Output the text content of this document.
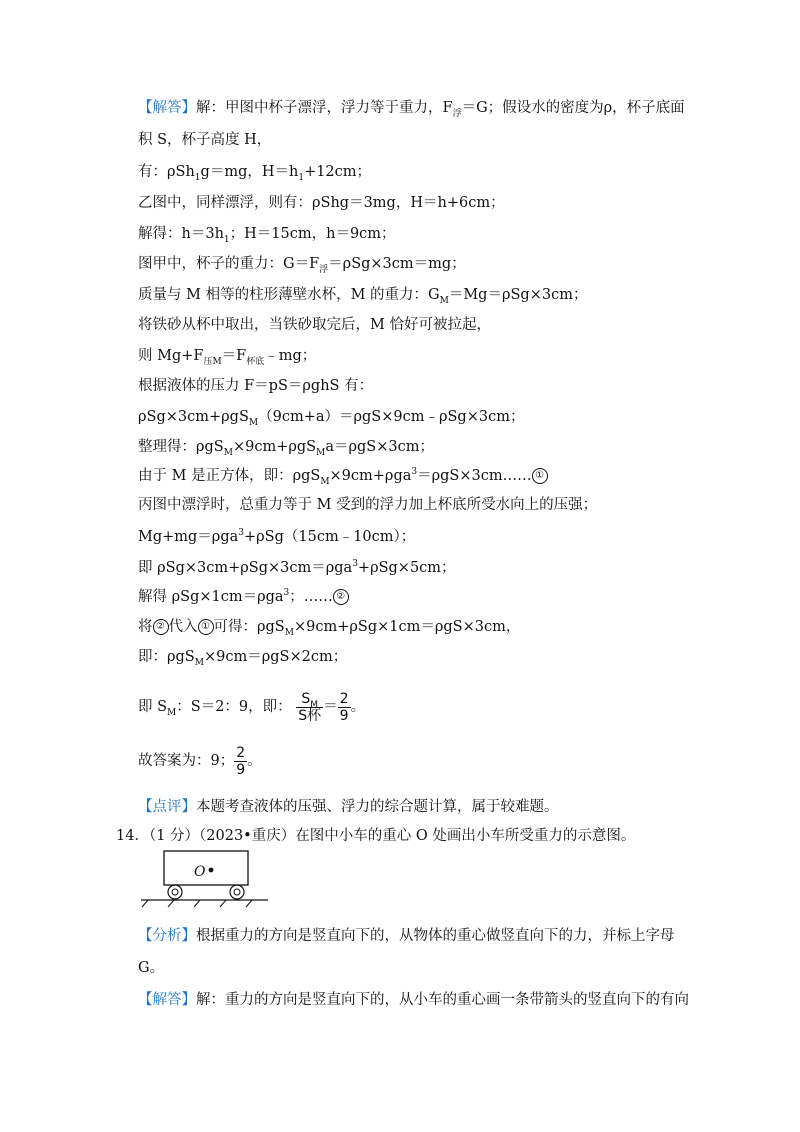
【解答】解：甲图中杯子漂浮，浮力等于重力，$F_浮=G$；假设水的密度为ρ，杯子底面
积 S，杯子高度 H，
有：ρSh$_1$g＝mg，$H=h_1+12cm$；
乙图中，同样漂浮，则有：ρShg＝3mg，H＝h+6cm；
解得：$h=3h_1$；H＝15cm，h＝9cm；
图甲中，杯子的重力：$G=F_浮=\rho Sg\times 3cm=mg$；
质量与 M 相等的柱形薄壁水杯，M 的重力：$G_M=Mg=\rho Sg\times 3cm$；
将铁砂从杯中取出，当铁砂取完后，M 恰好可被拉起，
则 $Mg+F_{压M}=F_{杯底}﹣mg$；
根据液体的压力 F＝pS＝ρghS 有：
ρSg×3cm+ρgS$_M$（9cm+a）＝ρgS×9cm﹣ρSg×3cm；
整理得：ρgS$_M$×9cm+ρgS$_M$a＝ρgS×3cm；
由于 M 是正方体，即：ρgS$_M$×9cm+ρga$^3$＝ρgS×3cm…… ①
丙图中漂浮时，总重力等于 M 受到的浮力加上杯底所受水向上的压强；
Mg+mg＝ρga$^3$+ρSg（15cm﹣10cm）；
即 ρSg×3cm+ρSg×3cm＝ρga$^3$+ρSg×5cm；
解得 ρSg×1cm＝ρga$^3$；…… ②
将 ② 代入 ① 可得：ρgS$_M$×9cm+ρSg×1cm＝ρgS×3cm，
即：ρgS$_M$×9cm＝ρgS×2cm；
即 $S_M$：S＝2：9，即： $\frac{S_M}{\text{S杯}} = \frac{2}{9}$ 。
故答案为：9； $\frac{2}{9}$ 。
【点评】本题考查液体的压强、浮力的综合题计算，属于较难题。
14．（1 分）（2023•重庆）在图中小车的重心 O 处画出小车所受重力的示意图。
O
【分析】根据重力的方向是竖直向下的，从物体的重心做竖直向下的力，并标上字母
G。
【解答】解：重力的方向是竖直向下的，从小车的重心画一条带箭头的竖直向下的有向
